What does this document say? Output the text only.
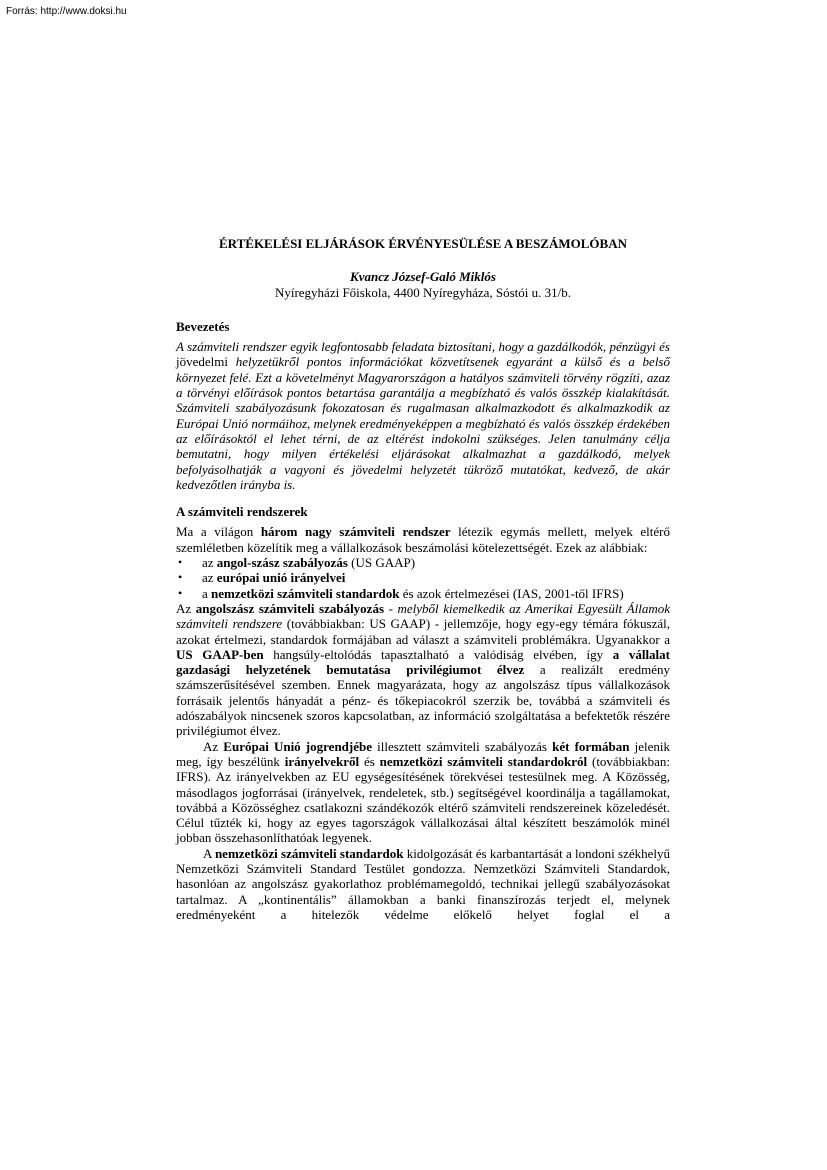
Forrás: http://www.doksi.hu

ÉRTÉKELÉSI ELJÁRÁSOK ÉRVÉNYESÜLÉSE A BESZÁMOLÓBAN

Kvancz József-Galó Miklós

Nyíregyházi Főiskola, 4400 Nyíregyháza, Sóstói u. 31/b.

Bevezetés

A számviteli rendszer egyik legfontosabb feladata biztosítani, hogy a gazdálkodók, pénzügyi és jövedelmi helyzetükről pontos információkat közvetítsenek egyaránt a külső és a belső környezet felé. Ezt a követelményt Magyarországon a hatályos számviteli törvény rögzíti, azaz a törvényi előírások pontos betartása garantálja a megbízható és valós összkép kialakítását. Számviteli szabályozásunk fokozatosan és rugalmasan alkalmazkodott és alkalmazkodik az Európai Unió normáihoz, melynek eredményeképpen a megbízható és valós összkép érdekében az előírásoktól el lehet térni, de az eltérést indokolni szükséges. Jelen tanulmány célja bemutatni, hogy milyen értékelési eljárásokat alkalmazhat a gazdálkodó, melyek befolyásolhatják a vagyoni és jövedelmi helyzetét tükröző mutatókat, kedvező, de akár kedvezőtlen irányba is.

A számviteli rendszerek

Ma a világon három nagy számviteli rendszer létezik egymás mellett, melyek eltérő szemléletben közelítik meg a vállalkozások beszámolási kötelezettségét. Ezek az alábbiak:

• az angol-szász szabályozás (US GAAP)
• az európai unió irányelvei
• a nemzetközi számviteli standardok és azok értelmezései (IAS, 2001-től IFRS)

Az angolszász számviteli szabályozás - melyből kiemelkedik az Amerikai Egyesült Államok számviteli rendszere (továbbiakban: US GAAP) - jellemzője, hogy egy-egy témára fókuszál, azokat értelmezi, standardok formájában ad választ a számviteli problémákra. Ugyanakkor a US GAAP-ben hangsúly-eltolódás tapasztalható a valódiság elvében, így a vállalat gazdasági helyzetének bemutatása privilégiumot élvez a realizált eredmény számszerűsítésével szemben. Ennek magyarázata, hogy az angolszász típus vállalkozások forrásaik jelentős hányadát a pénz- és tőkepiacokról szerzik be, továbbá a számviteli és adószabályok nincsenek szoros kapcsolatban, az információ szolgáltatása a befektetők részére privilégiumot élvez.

Az Európai Unió jogrendjébe illesztett számviteli szabályozás két formában jelenik meg, így beszélünk irányelvekről és nemzetközi számviteli standardokról (továbbiakban: IFRS). Az irányelvekben az EU egységesítésének törekvései testesülnek meg. A Közösség, másodlagos jogforrásai (irányelvek, rendeletek, stb.) segítségével koordinálja a tagállamokat, továbbá a Közösséghez csatlakozni szándékozók eltérő számviteli rendszereinek közeledését. Célul tűzték ki, hogy az egyes tagországok vállalkozásai által készített beszámolók minél jobban összehasonlíthatóak legyenek.

A nemzetközi számviteli standardok kidolgozását és karbantartását a londoni székhelyű Nemzetközi Számviteli Standard Testület gondozza. Nemzetközi Számviteli Standardok, hasonlóan az angolszász gyakorlathoz problémamegoldó, technikai jellegű szabályozásokat tartalmaz. A „kontinentális” államokban a banki finanszírozás terjedt el, melynek eredményeként a hitelezők védelme előkelő helyet foglal el a
